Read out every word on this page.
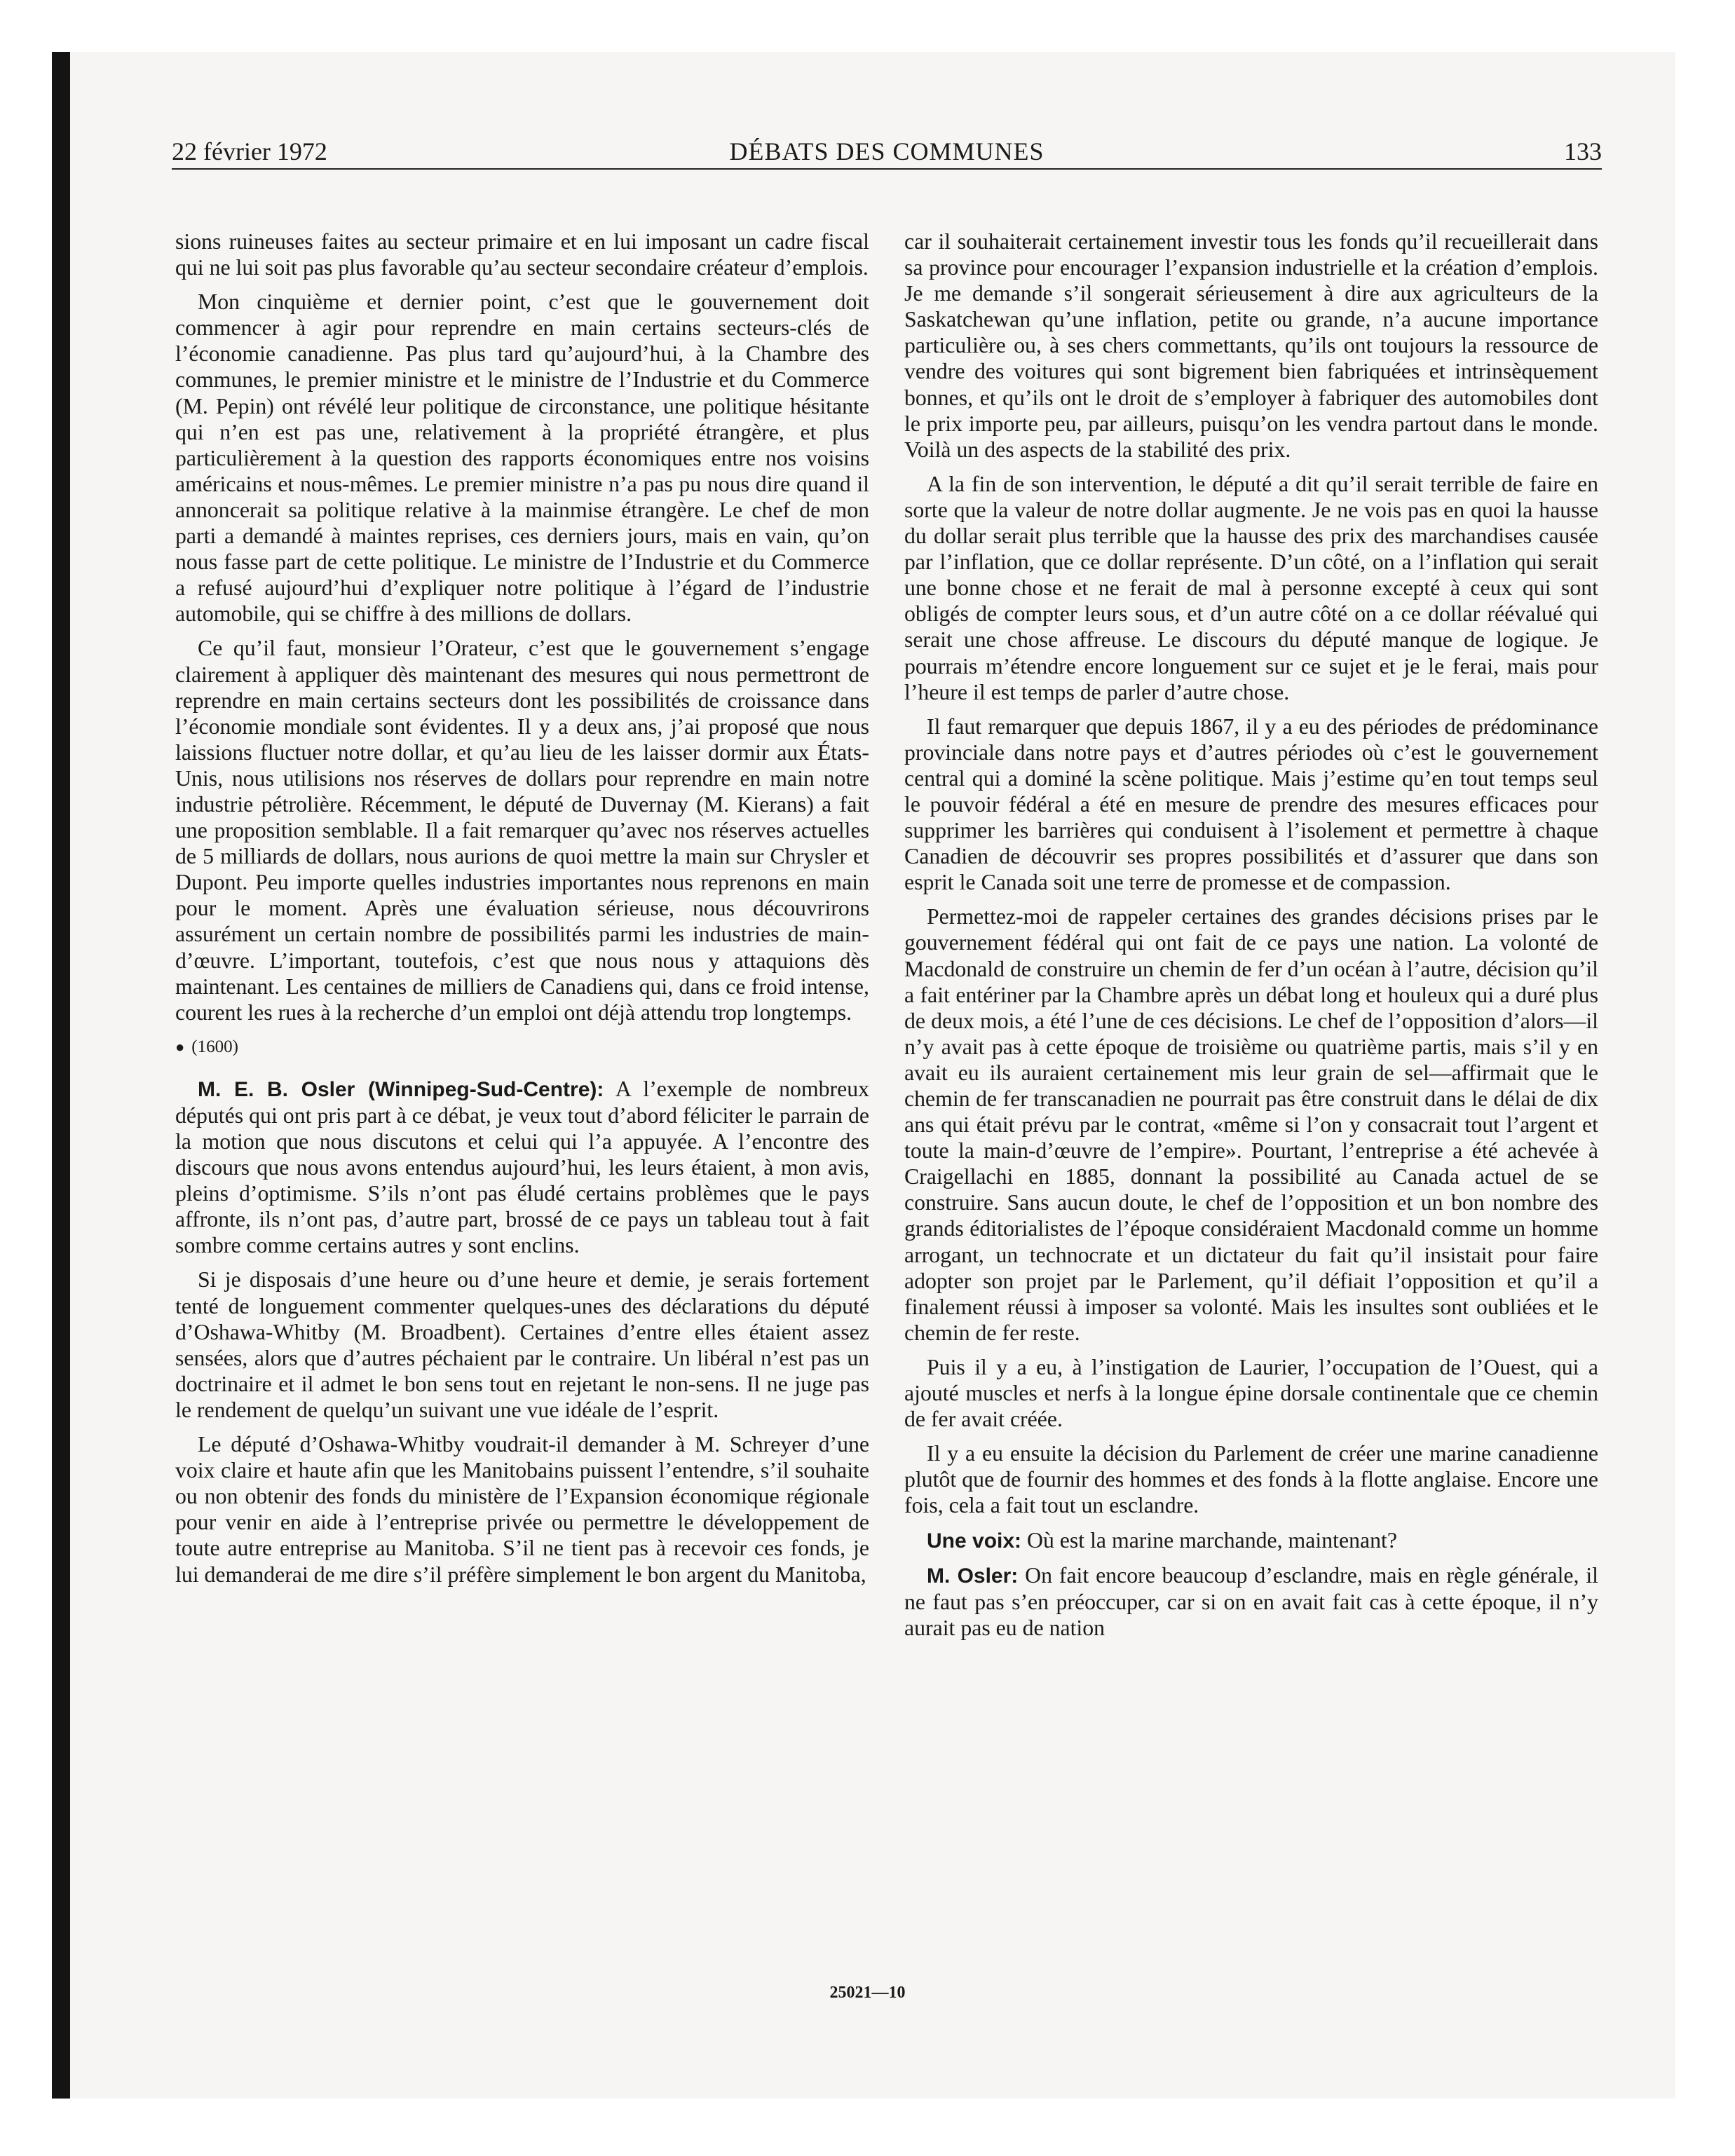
22 février 1972	DÉBATS DES COMMUNES	133

sions ruineuses faites au secteur primaire et en lui imposant un cadre fiscal qui ne lui soit pas plus favorable qu’au secteur secondaire créateur d’emplois.

Mon cinquième et dernier point, c’est que le gouvernement doit commencer à agir pour reprendre en main certains secteurs-clés de l’économie canadienne. Pas plus tard qu’aujourd’hui, à la Chambre des communes, le premier ministre et le ministre de l’Industrie et du Commerce (M. Pepin) ont révélé leur politique de circonstance, une politique hésitante qui n’en est pas une, relativement à la propriété étrangère, et plus particulièrement à la question des rapports économiques entre nos voisins américains et nous-mêmes. Le premier ministre n’a pas pu nous dire quand il annoncerait sa politique relative à la mainmise étrangère. Le chef de mon parti a demandé à maintes reprises, ces derniers jours, mais en vain, qu’on nous fasse part de cette politique. Le ministre de l’Industrie et du Commerce a refusé aujourd’hui d’expliquer notre politique à l’égard de l’industrie automobile, qui se chiffre à des millions de dollars.

Ce qu’il faut, monsieur l’Orateur, c’est que le gouvernement s’engage clairement à appliquer dès maintenant des mesures qui nous permettront de reprendre en main certains secteurs dont les possibilités de croissance dans l’économie mondiale sont évidentes. Il y a deux ans, j’ai proposé que nous laissions fluctuer notre dollar, et qu’au lieu de les laisser dormir aux États-Unis, nous utilisions nos réserves de dollars pour reprendre en main notre industrie pétrolière. Récemment, le député de Duvernay (M. Kierans) a fait une proposition semblable. Il a fait remarquer qu’avec nos réserves actuelles de 5 milliards de dollars, nous aurions de quoi mettre la main sur Chrysler et Dupont. Peu importe quelles industries importantes nous reprenons en main pour le moment. Après une évaluation sérieuse, nous découvrirons assurément un certain nombre de possibilités parmi les industries de main-d’œuvre. L’important, toutefois, c’est que nous nous y attaquions dès maintenant. Les centaines de milliers de Canadiens qui, dans ce froid intense, courent les rues à la recherche d’un emploi ont déjà attendu trop longtemps.

● (1600)

M. E. B. Osler (Winnipeg-Sud-Centre): A l’exemple de nombreux députés qui ont pris part à ce débat, je veux tout d’abord féliciter le parrain de la motion que nous discutons et celui qui l’a appuyée. A l’encontre des discours que nous avons entendus aujourd’hui, les leurs étaient, à mon avis, pleins d’optimisme. S’ils n’ont pas éludé certains problèmes que le pays affronte, ils n’ont pas, d’autre part, brossé de ce pays un tableau tout à fait sombre comme certains autres y sont enclins.

Si je disposais d’une heure ou d’une heure et demie, je serais fortement tenté de longuement commenter quelques-unes des déclarations du député d’Oshawa-Whitby (M. Broadbent). Certaines d’entre elles étaient assez sensées, alors que d’autres péchaient par le contraire. Un libéral n’est pas un doctrinaire et il admet le bon sens tout en rejetant le non-sens. Il ne juge pas le rendement de quelqu’un suivant une vue idéale de l’esprit.

Le député d’Oshawa-Whitby voudrait-il demander à M. Schreyer d’une voix claire et haute afin que les Manitobains puissent l’entendre, s’il souhaite ou non obtenir des fonds du ministère de l’Expansion économique régionale pour venir en aide à l’entreprise privée ou permettre le développement de toute autre entreprise au Manitoba. S’il ne tient pas à recevoir ces fonds, je lui demanderai de me dire s’il préfère simplement le bon argent du Manitoba,

car il souhaiterait certainement investir tous les fonds qu’il recueillerait dans sa province pour encourager l’expansion industrielle et la création d’emplois. Je me demande s’il songerait sérieusement à dire aux agriculteurs de la Saskatchewan qu’une inflation, petite ou grande, n’a aucune importance particulière ou, à ses chers commettants, qu’ils ont toujours la ressource de vendre des voitures qui sont bigrement bien fabriquées et intrinsèquement bonnes, et qu’ils ont le droit de s’employer à fabriquer des automobiles dont le prix importe peu, par ailleurs, puisqu’on les vendra partout dans le monde. Voilà un des aspects de la stabilité des prix.

A la fin de son intervention, le député a dit qu’il serait terrible de faire en sorte que la valeur de notre dollar augmente. Je ne vois pas en quoi la hausse du dollar serait plus terrible que la hausse des prix des marchandises causée par l’inflation, que ce dollar représente. D’un côté, on a l’inflation qui serait une bonne chose et ne ferait de mal à personne excepté à ceux qui sont obligés de compter leurs sous, et d’un autre côté on a ce dollar réévalué qui serait une chose affreuse. Le discours du député manque de logique. Je pourrais m’étendre encore longuement sur ce sujet et je le ferai, mais pour l’heure il est temps de parler d’autre chose.

Il faut remarquer que depuis 1867, il y a eu des périodes de prédominance provinciale dans notre pays et d’autres périodes où c’est le gouvernement central qui a dominé la scène politique. Mais j’estime qu’en tout temps seul le pouvoir fédéral a été en mesure de prendre des mesures efficaces pour supprimer les barrières qui conduisent à l’isolement et permettre à chaque Canadien de découvrir ses propres possibilités et d’assurer que dans son esprit le Canada soit une terre de promesse et de compassion.

Permettez-moi de rappeler certaines des grandes décisions prises par le gouvernement fédéral qui ont fait de ce pays une nation. La volonté de Macdonald de construire un chemin de fer d’un océan à l’autre, décision qu’il a fait entériner par la Chambre après un débat long et houleux qui a duré plus de deux mois, a été l’une de ces décisions. Le chef de l’opposition d’alors—il n’y avait pas à cette époque de troisième ou quatrième partis, mais s’il y en avait eu ils auraient certainement mis leur grain de sel—affirmait que le chemin de fer transcanadien ne pourrait pas être construit dans le délai de dix ans qui était prévu par le contrat, «même si l’on y consacrait tout l’argent et toute la main-d’œuvre de l’empire». Pourtant, l’entreprise a été achevée à Craigellachi en 1885, donnant la possibilité au Canada actuel de se construire. Sans aucun doute, le chef de l’opposition et un bon nombre des grands éditorialistes de l’époque considéraient Macdonald comme un homme arrogant, un technocrate et un dictateur du fait qu’il insistait pour faire adopter son projet par le Parlement, qu’il défiait l’opposition et qu’il a finalement réussi à imposer sa volonté. Mais les insultes sont oubliées et le chemin de fer reste.

Puis il y a eu, à l’instigation de Laurier, l’occupation de l’Ouest, qui a ajouté muscles et nerfs à la longue épine dorsale continentale que ce chemin de fer avait créée.

Il y a eu ensuite la décision du Parlement de créer une marine canadienne plutôt que de fournir des hommes et des fonds à la flotte anglaise. Encore une fois, cela a fait tout un esclandre.

Une voix: Où est la marine marchande, maintenant?

M. Osler: On fait encore beaucoup d’esclandre, mais en règle générale, il ne faut pas s’en préoccuper, car si on en avait fait cas à cette époque, il n’y aurait pas eu de nation

25021—10
